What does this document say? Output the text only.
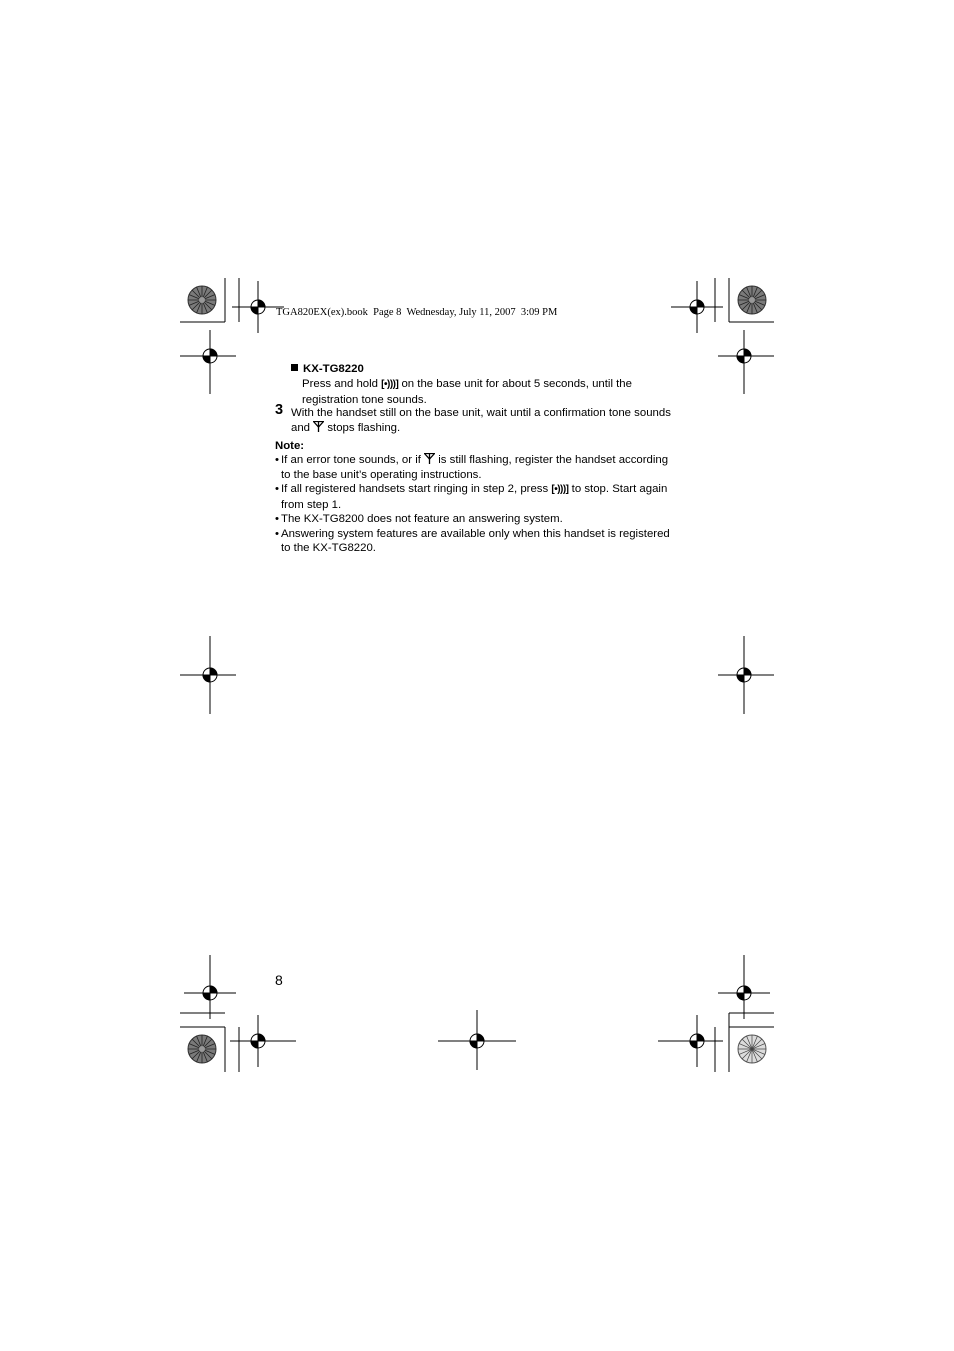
TGA820EX(ex).book  Page 8  Wednesday, July 11, 2007  3:09 PM
KX-TG8220
Press and hold [•)))] on the base unit for about 5 seconds, until the
registration tone sounds.
3 With the handset still on the base unit, wait until a confirmation tone sounds
and  stops flashing.
Note:
• If an error tone sounds, or if  is still flashing, register the handset according
to the base unit’s operating instructions.
• If all registered handsets start ringing in step 2, press [•)))] to stop. Start again
from step 1.
• The KX-TG8200 does not feature an answering system.
• Answering system features are available only when this handset is registered
to the KX-TG8220.
8
